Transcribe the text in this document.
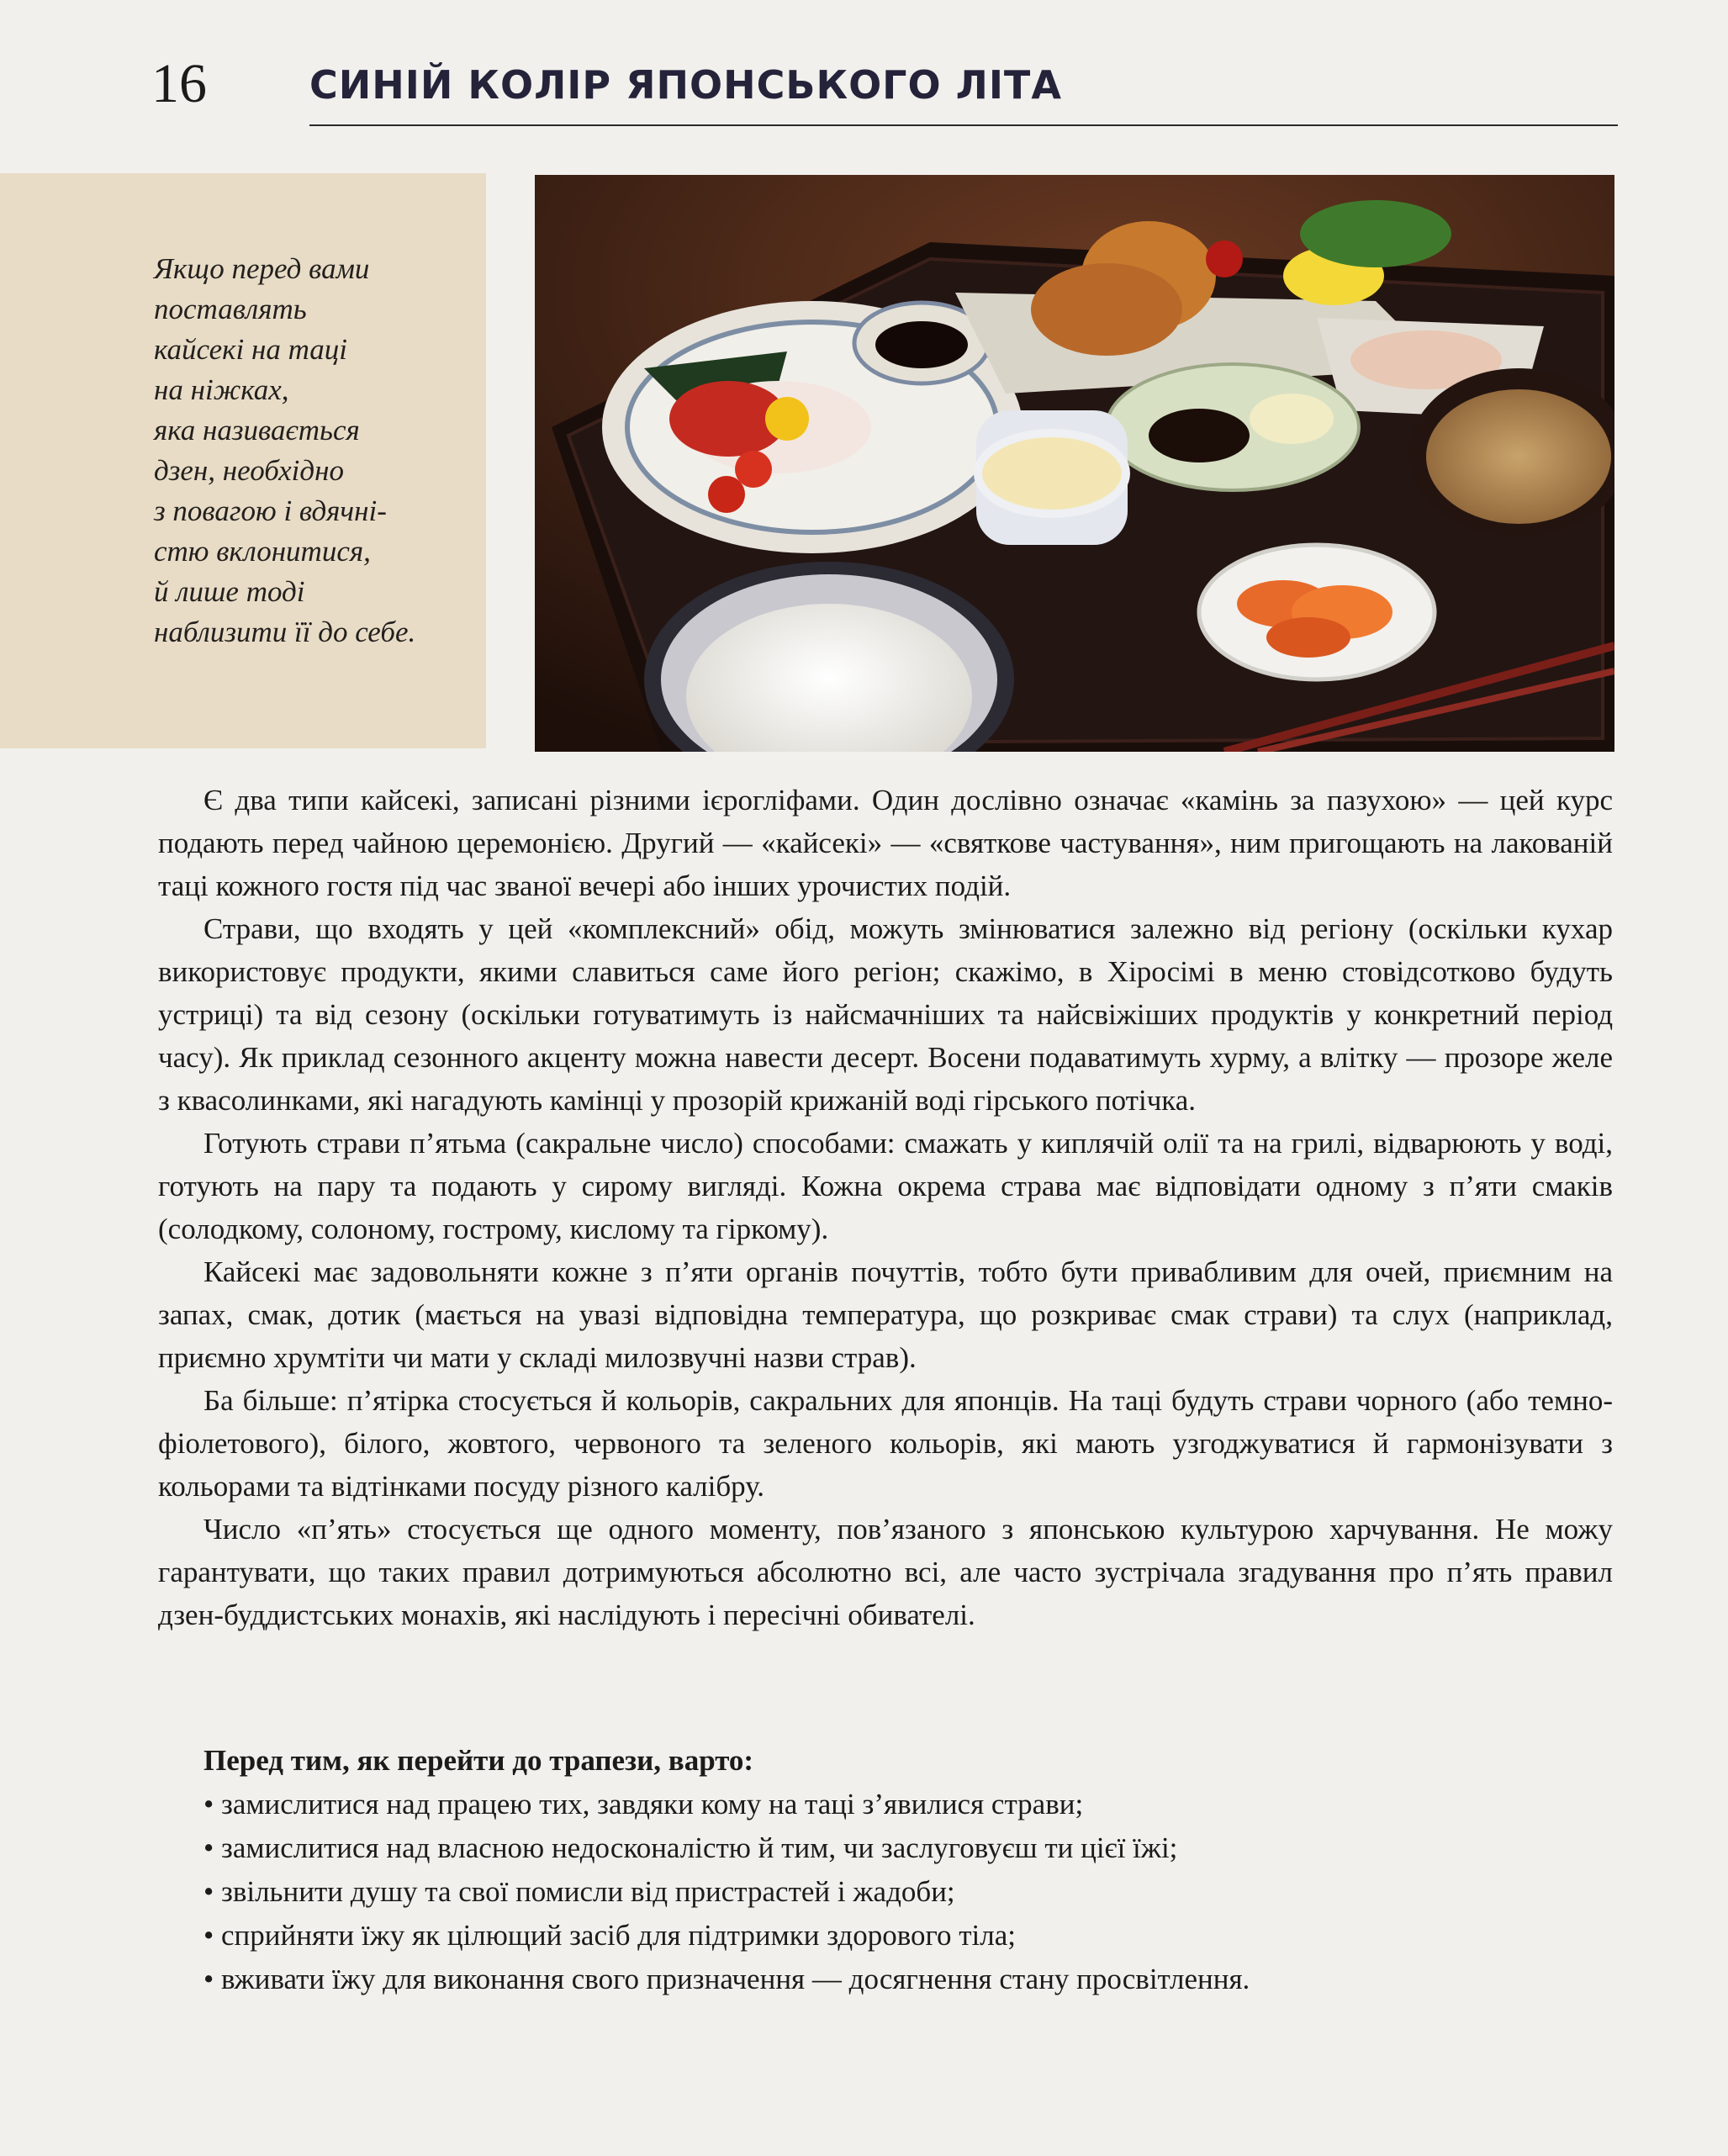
16	СИНІЙ КОЛІР ЯПОНСЬКОГО ЛІТА
Якщо перед вами
поставлять
кайсекі на таці
на ніжках,
яка називається
дзен, необхідно
з повагою і вдячні-
стю вклонитися,
й лише тоді
наблизити її до себе.

Є два типи кайсекі, записані різними ієрогліфами. Один дослівно означає «камінь за пазухою» — цей курс подають перед чайною церемонією. Другий — «кайсекі» — «святкове частування», ним пригощають на лакованій таці кожного гостя під час званої вечері або інших урочистих подій.

Страви, що входять у цей «комплексний» обід, можуть змінюватися залежно від регіону (оскільки кухар використовує продукти, якими славиться саме його регіон; скажімо, в Хіросімі в меню стовідсотково будуть устриці) та від сезону (оскільки готуватимуть із найсмачніших та найсвіжіших продуктів у конкретний період часу). Як приклад сезонного акценту можна навести десерт. Восени подаватимуть хурму, а влітку — прозоре желе з квасолинками, які нагадують камінці у прозорій крижаній воді гірського потічка.

Готують страви п’ятьма (сакральне число) способами: смажать у киплячій олії та на грилі, відварюють у воді, готують на пару та подають у сирому вигляді. Кожна окрема страва має відповідати одному з п’яти смаків (солодкому, солоному, гострому, кислому та гіркому).

Кайсекі має задовольняти кожне з п’яти органів почуттів, тобто бути привабливим для очей, приємним на запах, смак, дотик (мається на увазі відповідна температура, що розкриває смак страви) та слух (наприклад, приємно хрумтіти чи мати у складі милозвучні назви страв).

Ба більше: п’ятірка стосується й кольорів, сакральних для японців. На таці будуть страви чорного (або темно-фіолетового), білого, жовтого, червоного та зеленого кольорів, які мають узгоджуватися й гармонізувати з кольорами та відтінками посуду різного калібру.

Число «п’ять» стосується ще одного моменту, пов’язаного з японською культурою харчування. Не можу гарантувати, що таких правил дотримуються абсолютно всі, але часто зустрічала згадування про п’ять правил дзен-буддистських монахів, які наслідують і пересічні обивателі.

Перед тим, як перейти до трапези, варто:

• замислитися над працею тих, завдяки кому на таці з’явилися страви;
• замислитися над власною недосконалістю й тим, чи заслуговуєш ти цієї їжі;
• звільнити душу та свої помисли від пристрастей і жадоби;
• сприйняти їжу як цілющий засіб для підтримки здорового тіла;
• вживати їжу для виконання свого призначення — досягнення стану просвітлення.
